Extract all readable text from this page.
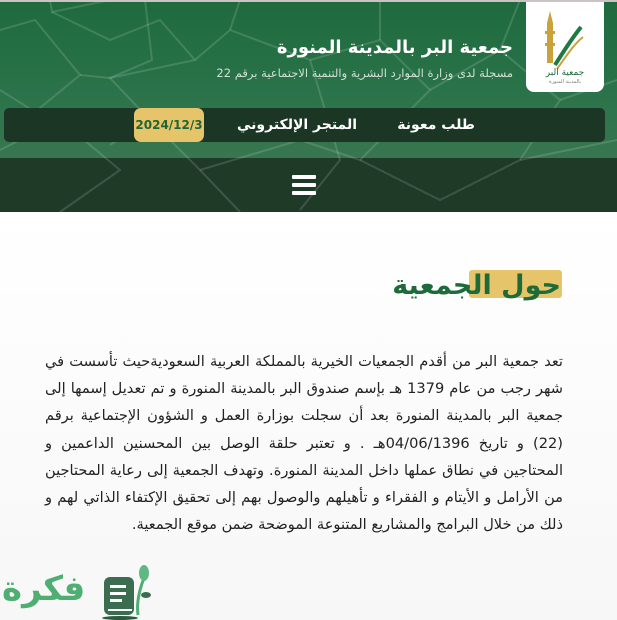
جمعية البر
بالمدينة المنورة
جمعية البر بالمدينة المنورة
مسجلة لدى وزارة الموارد البشرية والتنمية الاجتماعية برقم 22
طلب معونة
المتجر الإلكتروني
2024/12/3
حول الجمعية

تعد جمعية البر من أقدم الجمعيات الخيرية بالمملكة العربية السعوديةحيث تأسست في شهر رجب من عام 1379 هـ بإسم صندوق البر بالمدينة المنورة و تم تعديل إسمها إلى جمعية البر بالمدينة المنورة بعد أن سجلت بوزارة العمل و الشؤون الإجتماعية برقم (22) و تاريخ 04/06/1396هـ . و تعتبر حلقة الوصل بين المحسنين الداعمين و المحتاجين في نطاق عملها داخل المدينة المنورة. وتهدف الجمعية إلى رعاية المحتاجين من الأرامل و الأيتام و الفقراء و تأهيلهم والوصول بهم إلى تحقيق الإكتفاء الذاتي لهم و ذلك من خلال البرامج والمشاريع المتنوعة الموضحة ضمن موقع الجمعية.

فكرة
